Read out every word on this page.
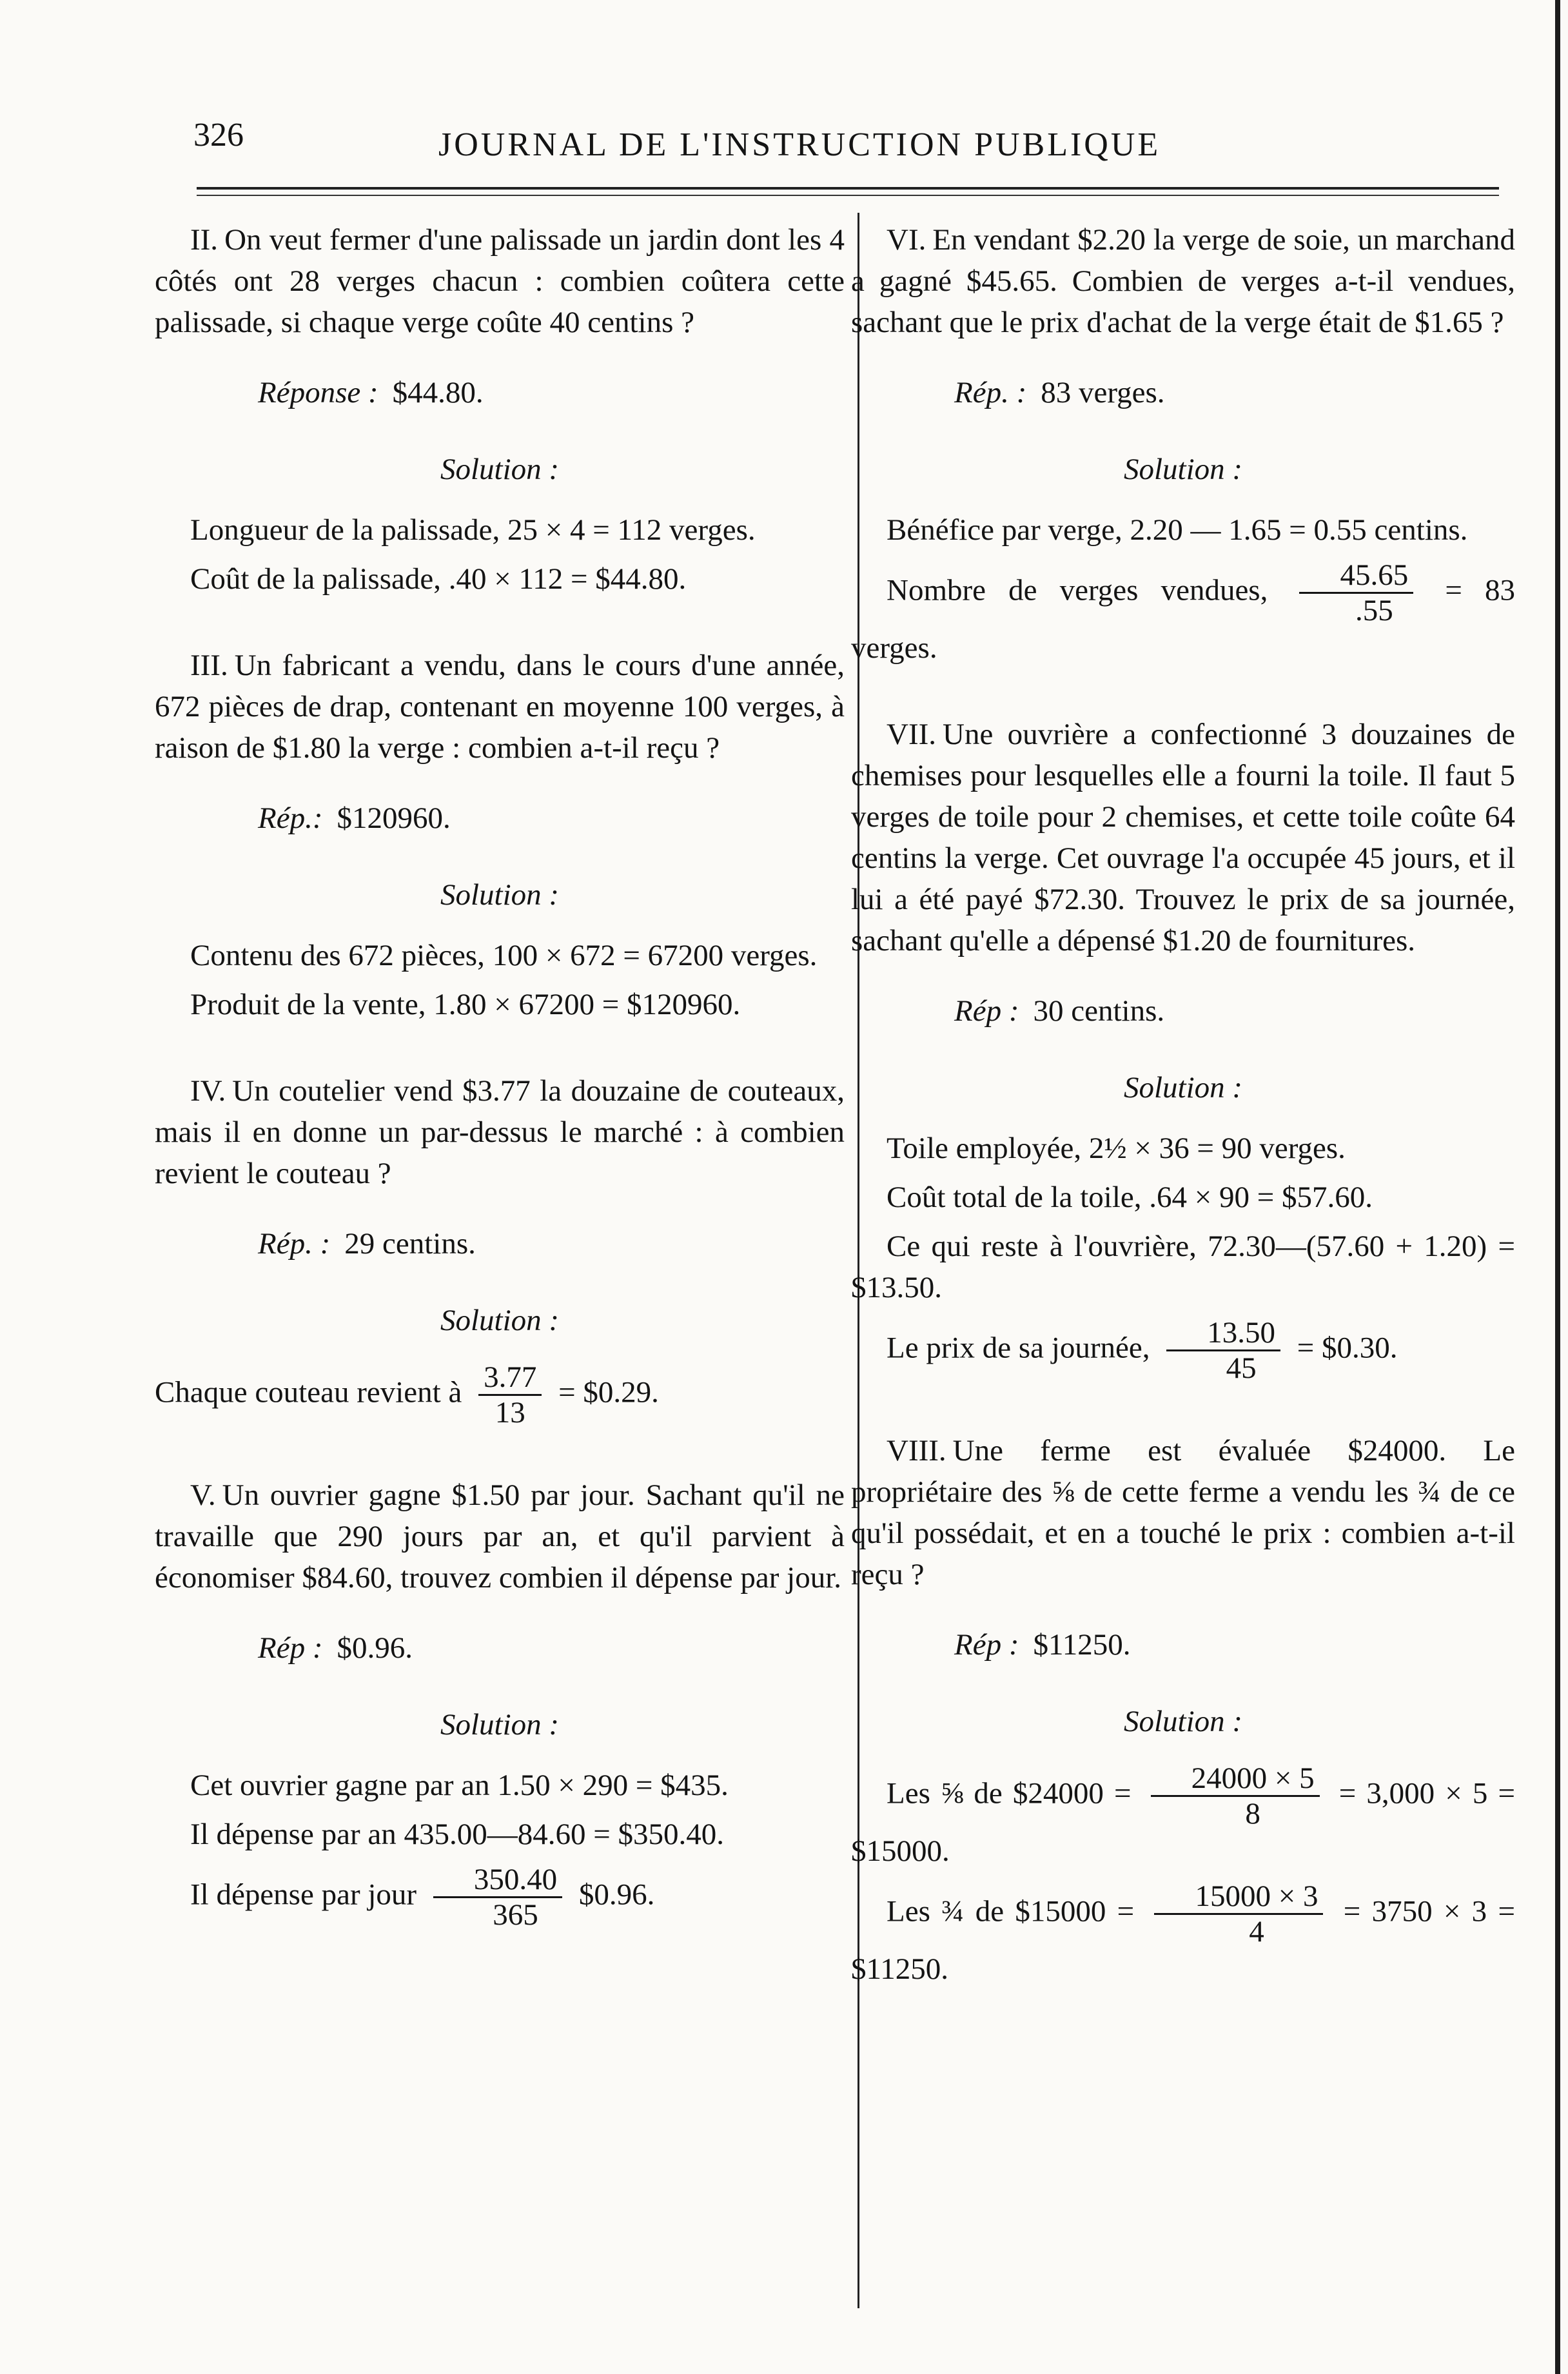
326	JOURNAL DE L'INSTRUCTION PUBLIQUE

II. On veut fermer d'une palissade un jardin dont les 4 côtés ont 28 verges chacun : combien coûtera cette palissade, si chaque verge coûte 40 centins ?

Réponse : $44.80.
Solution :

Longueur de la palissade, 25 × 4 = 112 verges.

Coût de la palissade, .40 × 112 = $44.80.

III. Un fabricant a vendu, dans le cours d'une année, 672 pièces de drap, contenant en moyenne 100 verges, à raison de $1.80 la verge : combien a-t-il reçu ?

Rép.: $120960.
Solution :

Contenu des 672 pièces, 100 × 672 = 67200 verges.

Produit de la vente, 1.80 × 67200 = $120960.

IV. Un coutelier vend $3.77 la douzaine de couteaux, mais il en donne un par-dessus le marché : à combien revient le couteau ?

Rép. : 29 centins.
Solution :

Chaque couteau revient à $\frac{3.77}{13}$ = $0.29.

V. Un ouvrier gagne $1.50 par jour. Sachant qu'il ne travaille que 290 jours par an, et qu'il parvient à économiser $84.60, trouvez combien il dépense par jour.

Rép : $0.96.
Solution :

Cet ouvrier gagne par an 1.50 × 290 = $435.

Il dépense par an 435.00—84.60 = $350.40.

Il dépense par jour $\frac{350.40}{365}$ $0.96.

VI. En vendant $2.20 la verge de soie, un marchand a gagné $45.65. Combien de verges a-t-il vendues, sachant que le prix d'achat de la verge était de $1.65 ?

Rép. : 83 verges.
Solution :

Bénéfice par verge, 2.20 — 1.65 = 0.55 centins.

Nombre de verges vendues, $\frac{45.65}{.55} = 83$ verges.

VII. Une ouvrière a confectionné 3 douzaines de chemises pour lesquelles elle a fourni la toile. Il faut 5 verges de toile pour 2 chemises, et cette toile coûte 64 centins la verge. Cet ouvrage l'a occupée 45 jours, et il lui a été payé $72.30. Trouvez le prix de sa journée, sachant qu'elle a dépensé $1.20 de fournitures.

Rép : 30 centins.
Solution :

Toile employée, 2½ × 36 = 90 verges.

Coût total de la toile, .64 × 90 = $57.60.

Ce qui reste à l'ouvrière, 72.30—(57.60 + 1.20) = $13.50.

Le prix de sa journée, $\frac{13.50}{45}$ = $0.30.

VIII. Une ferme est évaluée $24000. Le propriétaire des ⅝ de cette ferme a vendu les ¾ de ce qu'il possédait, et en a touché le prix : combien a-t-il reçu ?

Rép : $11250.
Solution :

Les ⅝ de $24000 = $\frac{24000 \times 5}{8} = 3,000 \times 5$ = $15000.

Les ¾ de $15000 = $\frac{15000 \times 3}{4} = 3750 \times 3$ = $11250.
